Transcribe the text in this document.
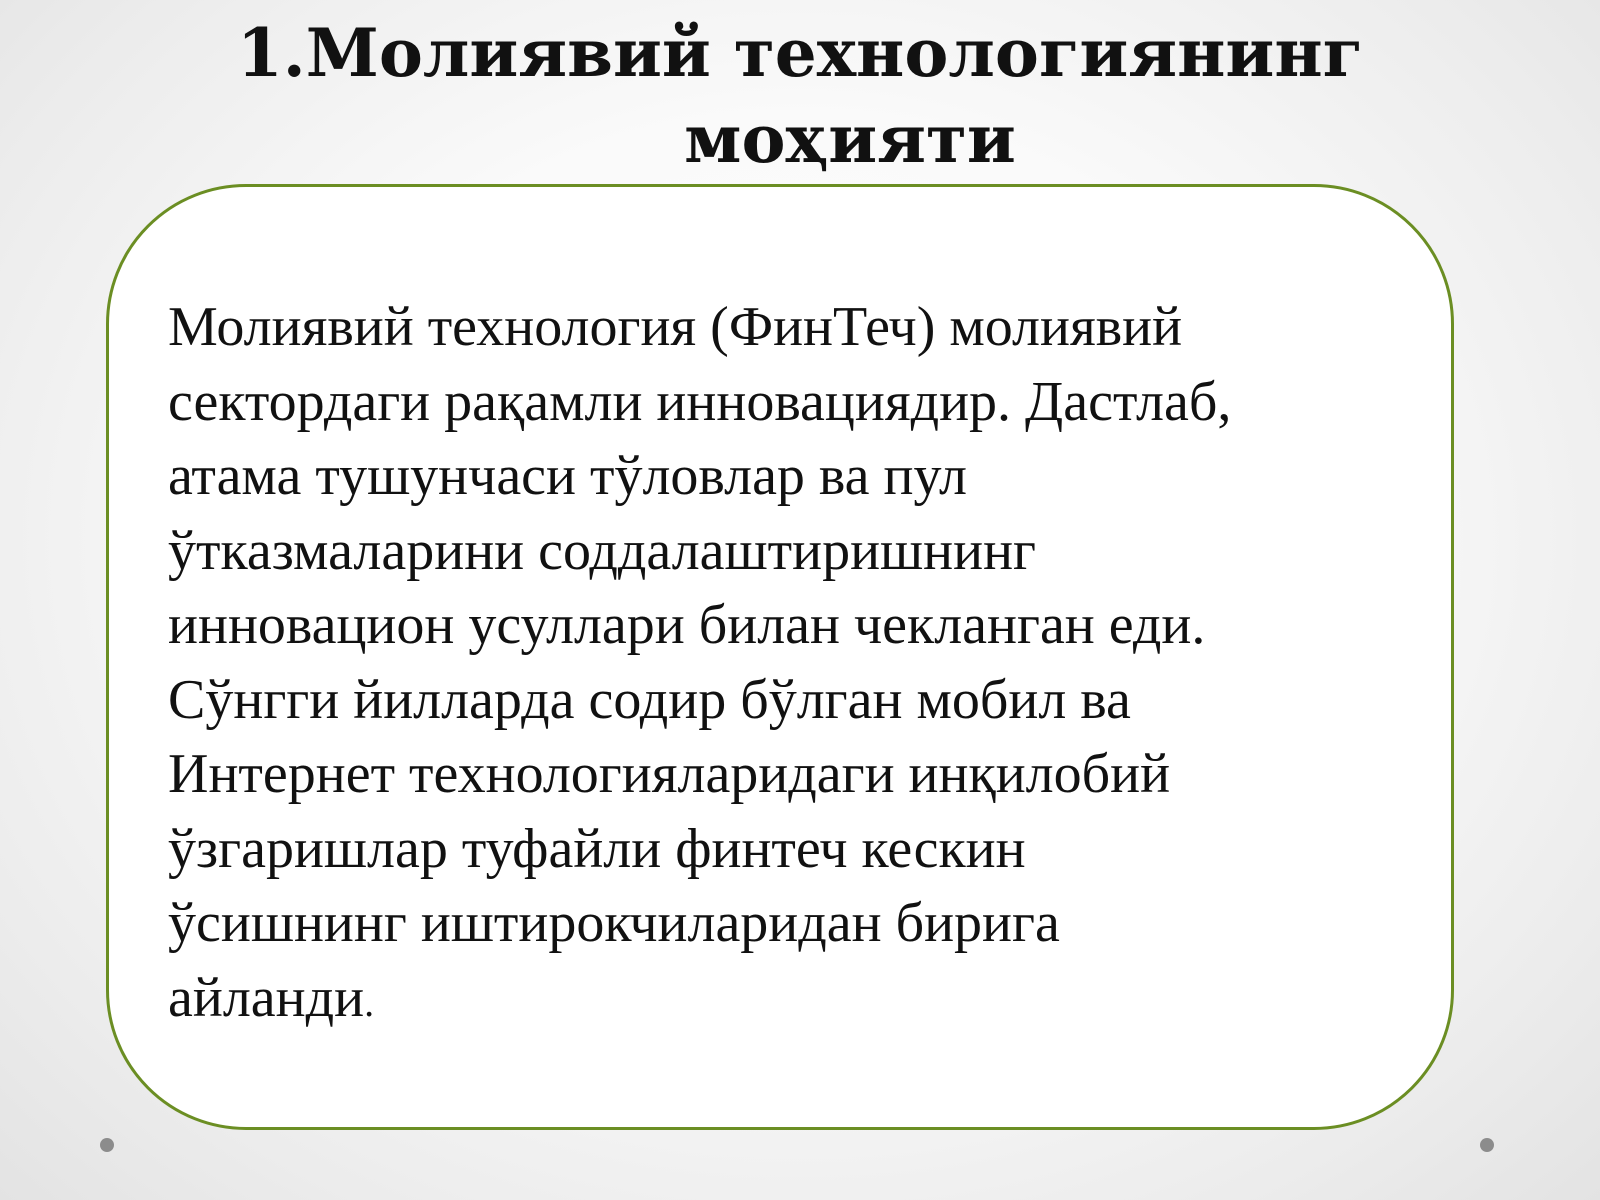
1.Молиявий технологиянинг
моҳияти

Молиявий технология (ФинТеч) молиявий
сектордаги рақамли инновациядир. Дастлаб,
атама тушунчаси тўловлар ва пул
ўтказмаларини соддалаштиришнинг
инновацион усуллари билан чекланган еди.
Сўнгги йилларда содир бўлган мобил ва
Интернет технологияларидаги инқилобий
ўзгаришлар туфайли финтеч кескин
ўсишнинг иштирокчиларидан бирига
айланди.
